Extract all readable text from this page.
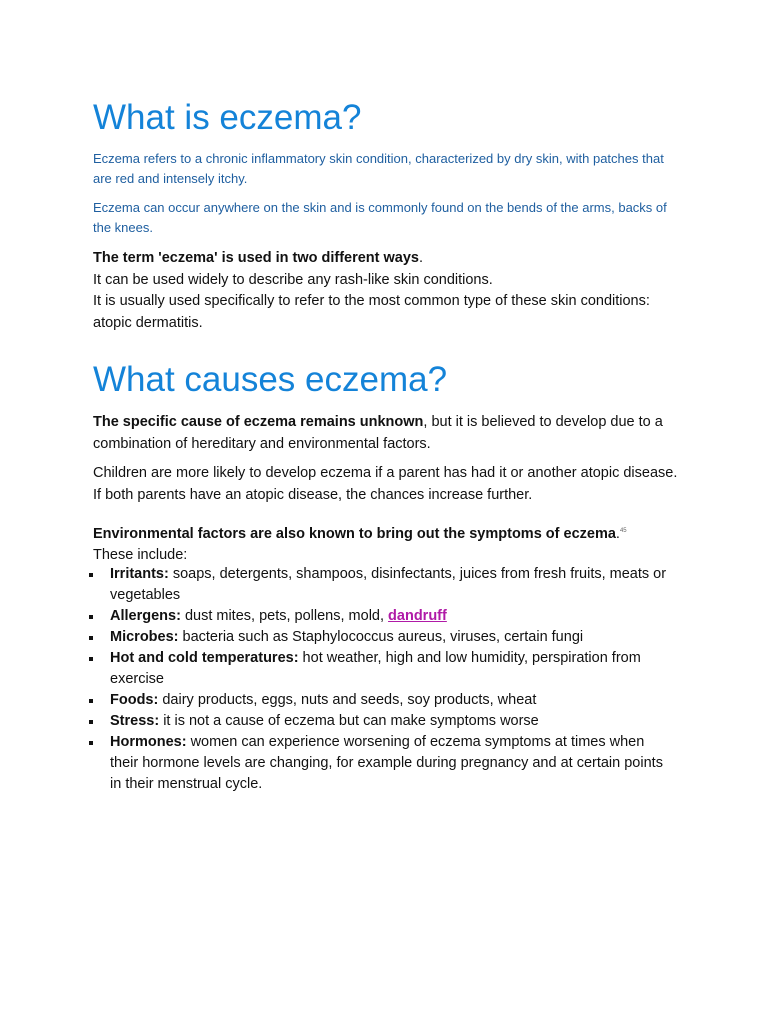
What is eczema?
Eczema refers to a chronic inflammatory skin condition, characterized by dry skin, with patches that are red and intensely itchy.
Eczema can occur anywhere on the skin and is commonly found on the bends of the arms, backs of the knees.
The term 'eczema' is used in two different ways.
It can be used widely to describe any rash-like skin conditions.
It is usually used specifically to refer to the most common type of these skin conditions: atopic dermatitis.
What causes eczema?
The specific cause of eczema remains unknown, but it is believed to develop due to a combination of hereditary and environmental factors.
Children are more likely to develop eczema if a parent has had it or another atopic disease. If both parents have an atopic disease, the chances increase further.
Environmental factors are also known to bring out the symptoms of eczema.$^{45}$
These include:
Irritants: soaps, detergents, shampoos, disinfectants, juices from fresh fruits, meats or vegetables
Allergens: dust mites, pets, pollens, mold, dandruff
Microbes: bacteria such as Staphylococcus aureus, viruses, certain fungi
Hot and cold temperatures: hot weather, high and low humidity, perspiration from exercise
Foods: dairy products, eggs, nuts and seeds, soy products, wheat
Stress: it is not a cause of eczema but can make symptoms worse
Hormones: women can experience worsening of eczema symptoms at times when their hormone levels are changing, for example during pregnancy and at certain points in their menstrual cycle.
